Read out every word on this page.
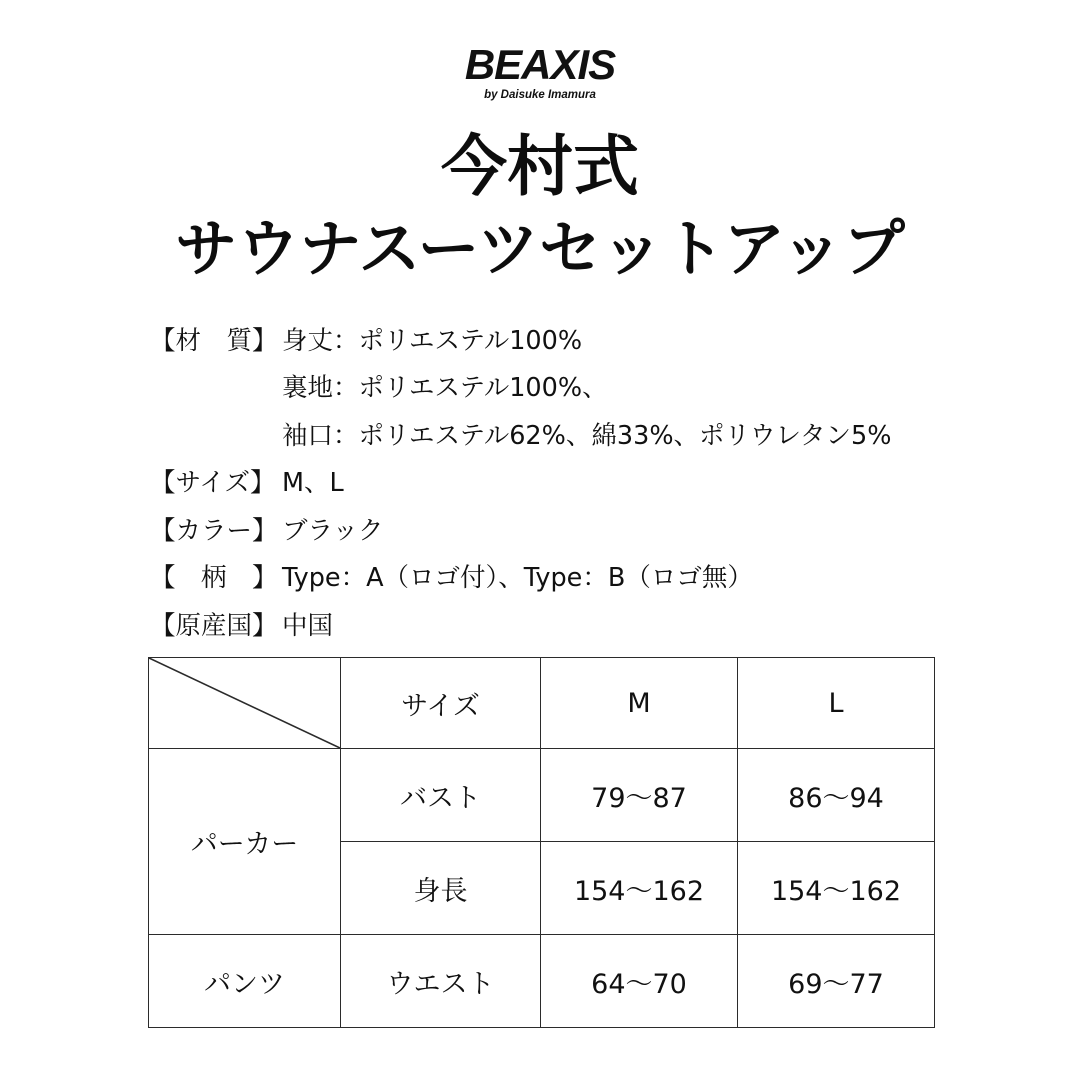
BEAXIS
by Daisuke Imamura
今村式
サウナスーツセットアップ
【材　質】 身丈：ポリエステル100%
裏地：ポリエステル100%、
袖口：ポリエステル62%、綿33%、ポリウレタン5%
【サイズ】 M、L
【カラー】 ブラック
【　柄　】 Type：A（ロゴ付）、Type：B（ロゴ無）
【原産国】 中国
	サイズ	M	L
パーカー	バスト	79〜87	86〜94
	身長	154〜162	154〜162
パンツ	ウエスト	64〜70	69〜77
